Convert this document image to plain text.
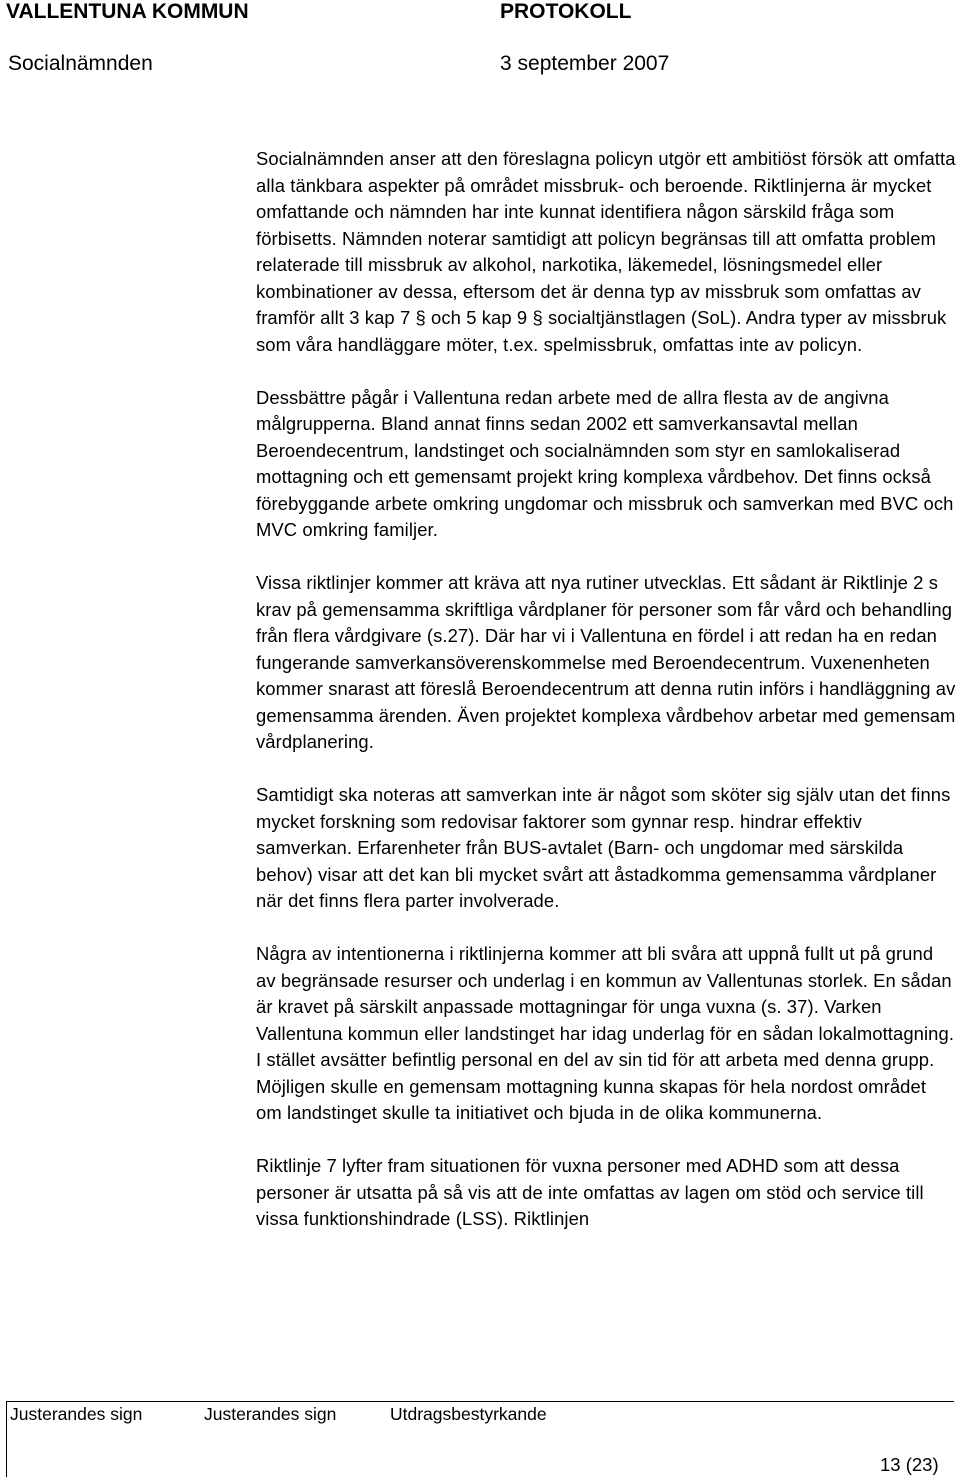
VALLENTUNA KOMMUN	PROTOKOLL
Socialnämnden	3 september 2007

Socialnämnden anser att den föreslagna policyn utgör ett ambitiöst försök att omfatta alla tänkbara aspekter på området missbruk- och beroende. Riktlinjerna är mycket omfattande och nämnden har inte kunnat identifiera någon särskild fråga som förbisetts. Nämnden noterar samtidigt att policyn begränsas till att omfatta problem relaterade till missbruk av alkohol, narkotika, läkemedel, lösningsmedel eller kombinationer av dessa, eftersom det är denna typ av missbruk som omfattas av framför allt 3 kap 7 § och 5 kap 9 § socialtjänstlagen (SoL). Andra typer av missbruk som våra handläggare möter, t.ex. spelmissbruk, omfattas inte av policyn.

Dessbättre pågår i Vallentuna redan arbete med de allra flesta av de angivna målgrupperna. Bland annat finns sedan 2002 ett samverkansavtal mellan Beroendecentrum, landstinget och socialnämnden som styr en samlokaliserad mottagning och ett gemensamt projekt kring komplexa vårdbehov. Det finns också förebyggande arbete omkring ungdomar och missbruk och samverkan med BVC och MVC omkring familjer.

Vissa riktlinjer kommer att kräva att nya rutiner utvecklas. Ett sådant är Riktlinje 2 s krav på gemensamma skriftliga vårdplaner för personer som får vård och behandling från flera vårdgivare (s.27). Där har vi i Vallentuna en fördel i att redan ha en redan fungerande samverkansöverenskommelse med Beroendecentrum. Vuxenenheten kommer snarast att föreslå Beroendecentrum att denna rutin införs i handläggning av gemensamma ärenden. Även projektet komplexa vårdbehov arbetar med gemensam vårdplanering.

Samtidigt ska noteras att samverkan inte är något som sköter sig själv utan det finns mycket forskning som redovisar faktorer som gynnar resp. hindrar effektiv samverkan. Erfarenheter från BUS-avtalet (Barn- och ungdomar med särskilda behov) visar att det kan bli mycket svårt att åstadkomma gemensamma vårdplaner när det finns flera parter involverade.

Några av intentionerna i riktlinjerna kommer att bli svåra att uppnå fullt ut på grund av begränsade resurser och underlag i en kommun av Vallentunas storlek. En sådan är kravet på särskilt anpassade mottagningar för unga vuxna (s. 37). Varken Vallentuna kommun eller landstinget har idag underlag för en sådan lokalmottagning. I stället avsätter befintlig personal en del av sin tid för att arbeta med denna grupp. Möjligen skulle en gemensam mottagning kunna skapas för hela nordost området om landstinget skulle ta initiativet och bjuda in de olika kommunerna.

Riktlinje 7 lyfter fram situationen för vuxna personer med ADHD som att dessa personer är utsatta på så vis att de inte omfattas av lagen om stöd och service till vissa funktionshindrade (LSS). Riktlinjen

Justerandes sign	Justerandes sign	Utdragsbestyrkande
13 (23)
